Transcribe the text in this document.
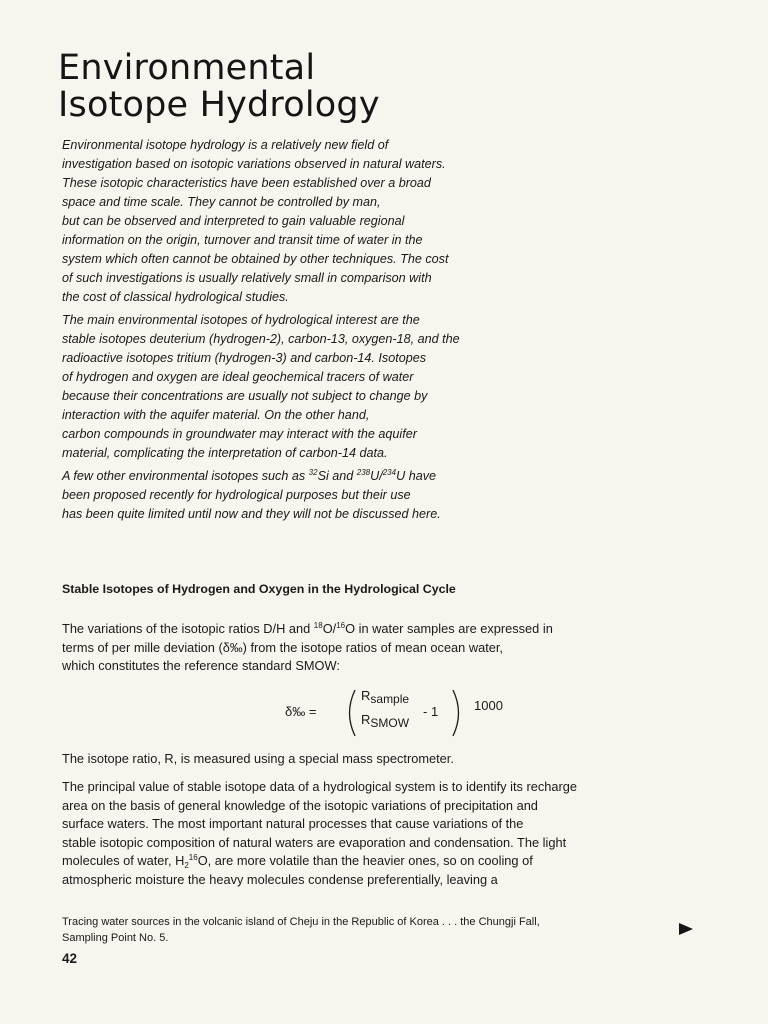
Environmental
Isotope Hydrology

Environmental isotope hydrology is a relatively new field of
investigation based on isotopic variations observed in natural waters.
These isotopic characteristics have been established over a broad
space and time scale. They cannot be controlled by man,
but can be observed and interpreted to gain valuable regional
information on the origin, turnover and transit time of water in the
system which often cannot be obtained by other techniques. The cost
of such investigations is usually relatively small in comparison with
the cost of classical hydrological studies.

The main environmental isotopes of hydrological interest are the
stable isotopes deuterium (hydrogen-2), carbon-13, oxygen-18, and the
radioactive isotopes tritium (hydrogen-3) and carbon-14. Isotopes
of hydrogen and oxygen are ideal geochemical tracers of water
because their concentrations are usually not subject to change by
interaction with the aquifer material. On the other hand,
carbon compounds in groundwater may interact with the aquifer
material, complicating the interpretation of carbon-14 data.

A few other environmental isotopes such as $^{32}$Si and $^{238}$U/$^{234}$U have
been proposed recently for hydrological purposes but their use
has been quite limited until now and they will not be discussed here.

Stable Isotopes of Hydrogen and Oxygen in the Hydrological Cycle

The variations of the isotopic ratios D/H and $^{18}$O/$^{16}$O in water samples are expressed in
terms of per mille deviation (δ‰) from the isotope ratios of mean ocean water,
which constitutes the reference standard SMOW:

δ‰ =
$R_{sample}$
$R_{SMOW}$
- 1	1000

The isotope ratio, R, is measured using a special mass spectrometer.

The principal value of stable isotope data of a hydrological system is to identify its recharge
area on the basis of general knowledge of the isotopic variations of precipitation and
surface waters. The most important natural processes that cause variations of the
stable isotopic composition of natural waters are evaporation and condensation. The light
molecules of water, $H_2^{16}O$, are more volatile than the heavier ones, so on cooling of
atmospheric moisture the heavy molecules condense preferentially, leaving a

Tracing water sources in the volcanic island of Cheju in the Republic of Korea . . . the Chungji Fall,
Sampling Point No. 5.

42
